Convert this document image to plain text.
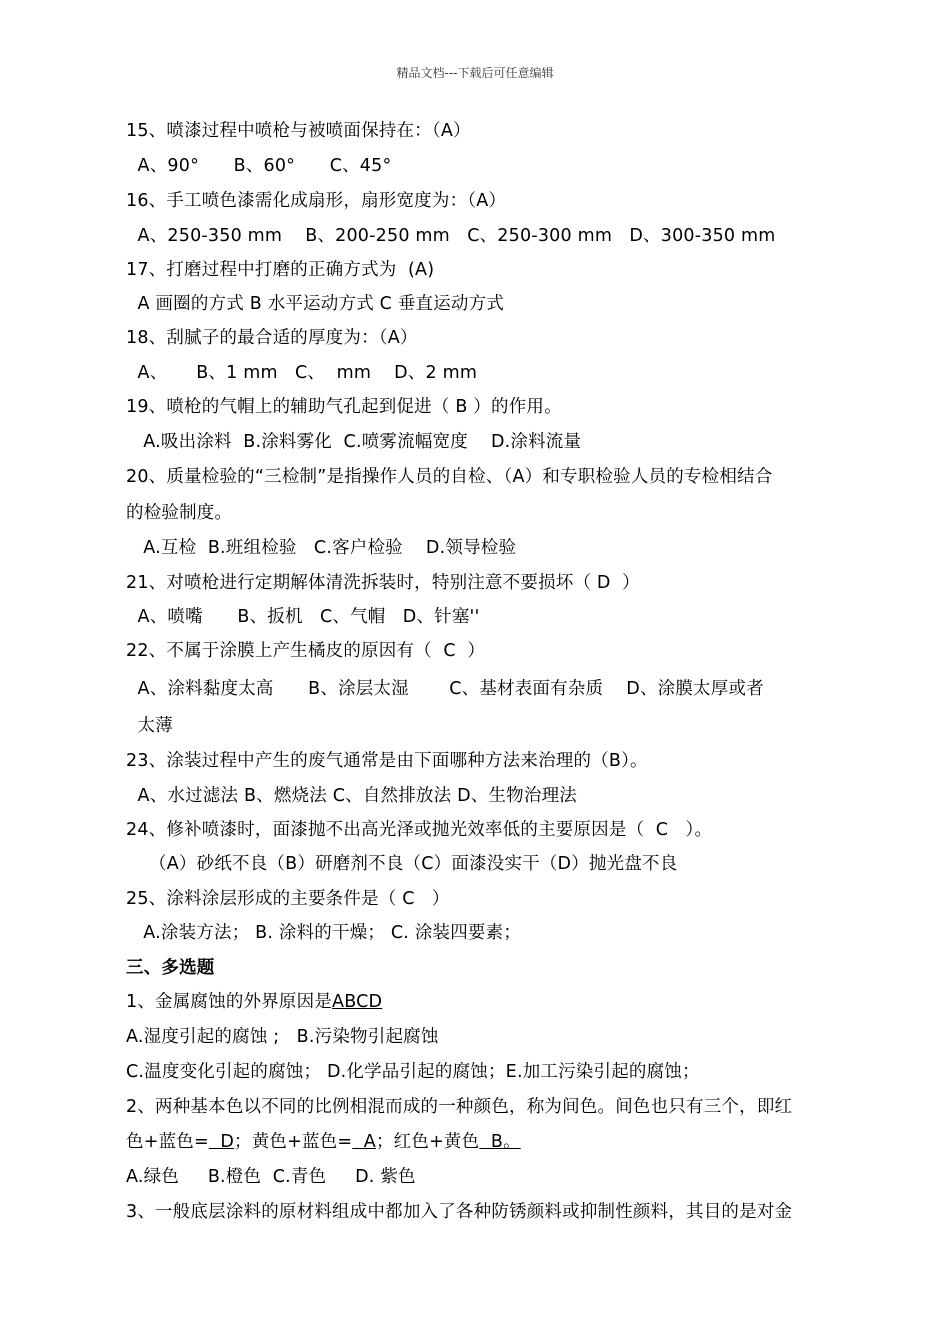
精品文档---下载后可任意编辑
15、喷漆过程中喷枪与被喷面保持在：（A）
A、90°      B、60°      C、45°
16、手工喷色漆需化成扇形，扇形宽度为：（A）
A、250-350 mm    B、200-250 mm   C、250-300 mm   D、300-350 mm
17、打磨过程中打磨的正确方式为  (A)
A 画圈的方式 B 水平运动方式 C 垂直运动方式
18、刮腻子的最合适的厚度为：（A）
A、     B、1 mm   C、  mm    D、2 mm
19、喷枪的气帽上的辅助气孔起到促进（ B ）的作用。
A.吸出涂料  B.涂料雾化  C.喷雾流幅宽度    D.涂料流量
20、质量检验的“三检制”是指操作人员的自检、（A）和专职检验人员的专检相结合
的检验制度。
A.互检  B.班组检验   C.客户检验    D.领导检验
21、对喷枪进行定期解体清洗拆装时，特别注意不要损坏（ D  ）
A、喷嘴      B、扳机   C、气帽   D、针塞''
22、不属于涂膜上产生橘皮的原因有（  C  ）
A、涂料黏度太高      B、涂层太湿       C、基材表面有杂质    D、涂膜太厚或者
太薄
23、涂装过程中产生的废气通常是由下面哪种方法来治理的（B）。
A、水过滤法 B、燃烧法 C、自然排放法 D、生物治理法
24、修补喷漆时，面漆抛不出高光泽或抛光效率低的主要原因是（  C   ）。
（A）砂纸不良（B）研磨剂不良（C）面漆没实干（D）抛光盘不良
25、涂料涂层形成的主要条件是（ C   ）
A.涂装方法； B. 涂料的干燥； C. 涂装四要素；
三、多选题
1、金属腐蚀的外界原因是ABCD
A.湿度引起的腐蚀 ;   B.污染物引起腐蚀
C.温度变化引起的腐蚀； D.化学品引起的腐蚀；E.加工污染引起的腐蚀；
2、两种基本色以不同的比例相混而成的一种颜色，称为间色。间色也只有三个，即红
色+蓝色=  D；黄色+蓝色=  A；红色+黄色  B。
A.绿色     B.橙色  C.青色     D. 紫色
3、一般底层涂料的原材料组成中都加入了各种防锈颜料或抑制性颜料，其目的是对金
